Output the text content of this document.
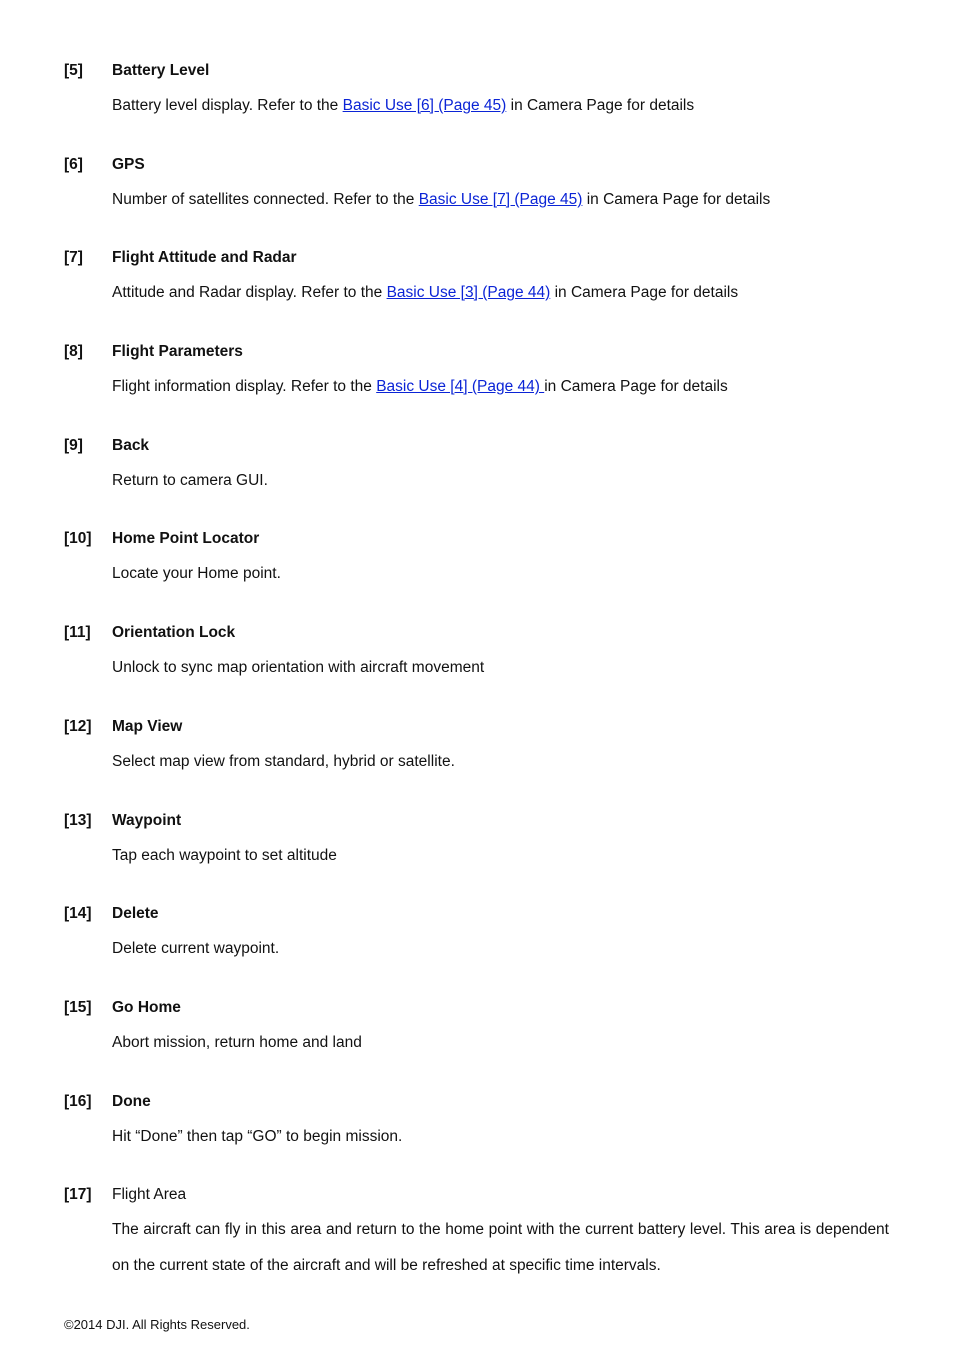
[5] Battery Level
Battery level display. Refer to the Basic Use [6] (Page 45) in Camera Page for details
[6] GPS
Number of satellites connected. Refer to the Basic Use [7] (Page 45) in Camera Page for details
[7] Flight Attitude and Radar
Attitude and Radar display. Refer to the Basic Use [3] (Page 44) in Camera Page for details
[8] Flight Parameters
Flight information display. Refer to the Basic Use [4] (Page 44) in Camera Page for details
[9] Back
Return to camera GUI.
[10] Home Point Locator
Locate your Home point.
[11] Orientation Lock
Unlock to sync map orientation with aircraft movement
[12] Map View
Select map view from standard, hybrid or satellite.
[13] Waypoint
Tap each waypoint to set altitude
[14] Delete
Delete current waypoint.
[15] Go Home
Abort mission, return home and land
[16] Done
Hit “Done” then tap “GO” to begin mission.
[17] Flight Area
The aircraft can fly in this area and return to the home point with the current battery level. This area is dependent on the current state of the aircraft and will be refreshed at specific time intervals.
©2014 DJI. All Rights Reserved.
